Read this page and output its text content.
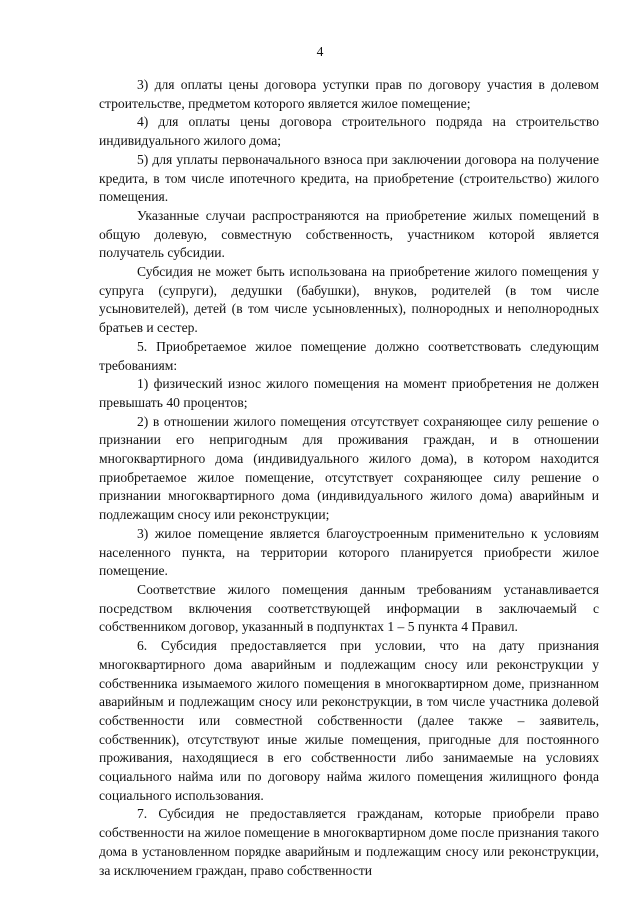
4

3) для оплаты цены договора уступки прав по договору участия в долевом строительстве, предметом которого является жилое помещение;

4) для оплаты цены договора строительного подряда на строительство индивидуального жилого дома;

5) для уплаты первоначального взноса при заключении договора на получение кредита, в том числе ипотечного кредита, на приобретение (строительство) жилого помещения.

Указанные случаи распространяются на приобретение жилых помещений в общую долевую, совместную собственность, участником которой является получатель субсидии.

Субсидия не может быть использована на приобретение жилого помещения у супруга (супруги), дедушки (бабушки), внуков, родителей (в том числе усыновителей), детей (в том числе усыновленных), полнородных и неполнородных братьев и сестер.

5. Приобретаемое жилое помещение должно соответствовать следующим требованиям:

1) физический износ жилого помещения на момент приобретения не должен превышать 40 процентов;

2) в отношении жилого помещения отсутствует сохраняющее силу решение о признании его непригодным для проживания граждан, и в отношении многоквартирного дома (индивидуального жилого дома), в котором находится приобретаемое жилое помещение, отсутствует сохраняющее силу решение о признании многоквартирного дома (индивидуального жилого дома) аварийным и подлежащим сносу или реконструкции;

3) жилое помещение является благоустроенным применительно к условиям населенного пункта, на территории которого планируется приобрести жилое помещение.

Соответствие жилого помещения данным требованиям устанавливается посредством включения соответствующей информации в заключаемый с собственником договор, указанный в подпунктах 1 – 5 пункта 4 Правил.

6. Субсидия предоставляется при условии, что на дату признания многоквартирного дома аварийным и подлежащим сносу или реконструкции у собственника изымаемого жилого помещения в многоквартирном доме, признанном аварийным и подлежащим сносу или реконструкции, в том числе участника долевой собственности или совместной собственности (далее также – заявитель, собственник), отсутствуют иные жилые помещения, пригодные для постоянного проживания, находящиеся в его собственности либо занимаемые на условиях социального найма или по договору найма жилого помещения жилищного фонда социального использования.

7. Субсидия не предоставляется гражданам, которые приобрели право собственности на жилое помещение в многоквартирном доме после признания такого дома в установленном порядке аварийным и подлежащим сносу или реконструкции, за исключением граждан, право собственности
